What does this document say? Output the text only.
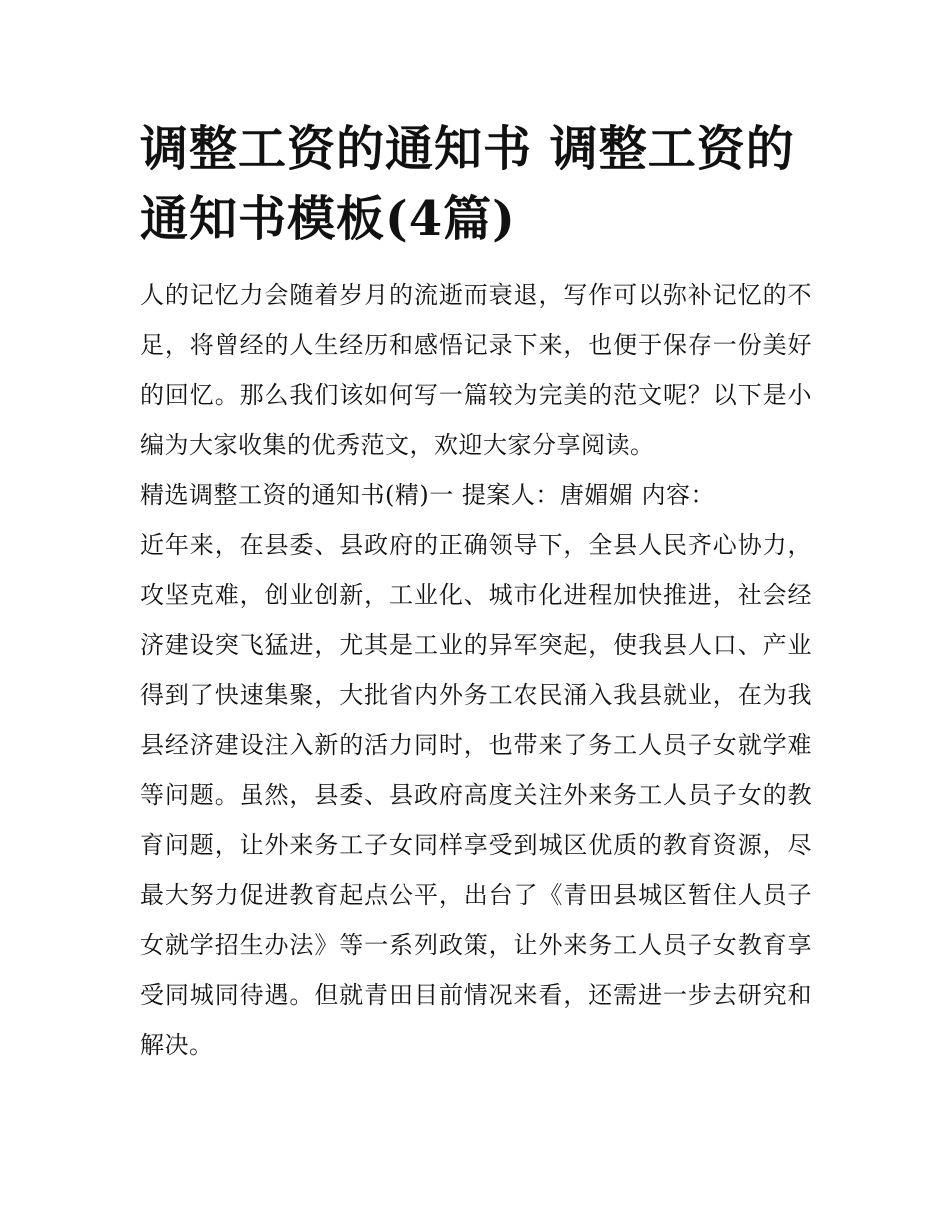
调整工资的通知书 调整工资的通知书模板(4篇)

人的记忆力会随着岁月的流逝而衰退，写作可以弥补记忆的不足，将曾经的人生经历和感悟记录下来，也便于保存一份美好的回忆。那么我们该如何写一篇较为完美的范文呢？以下是小编为大家收集的优秀范文，欢迎大家分享阅读。

精选调整工资的通知书(精)一 提案人：唐媚媚 内容：

近年来，在县委、县政府的正确领导下，全县人民齐心协力，攻坚克难，创业创新，工业化、城市化进程加快推进，社会经济建设突飞猛进，尤其是工业的异军突起，使我县人口、产业得到了快速集聚，大批省内外务工农民涌入我县就业，在为我县经济建设注入新的活力同时，也带来了务工人员子女就学难等问题。虽然，县委、县政府高度关注外来务工人员子女的教育问题，让外来务工子女同样享受到城区优质的教育资源，尽最大努力促进教育起点公平，出台了《青田县城区暂住人员子女就学招生办法》等一系列政策，让外来务工人员子女教育享受同城同待遇。但就青田目前情况来看，还需进一步去研究和解决。
